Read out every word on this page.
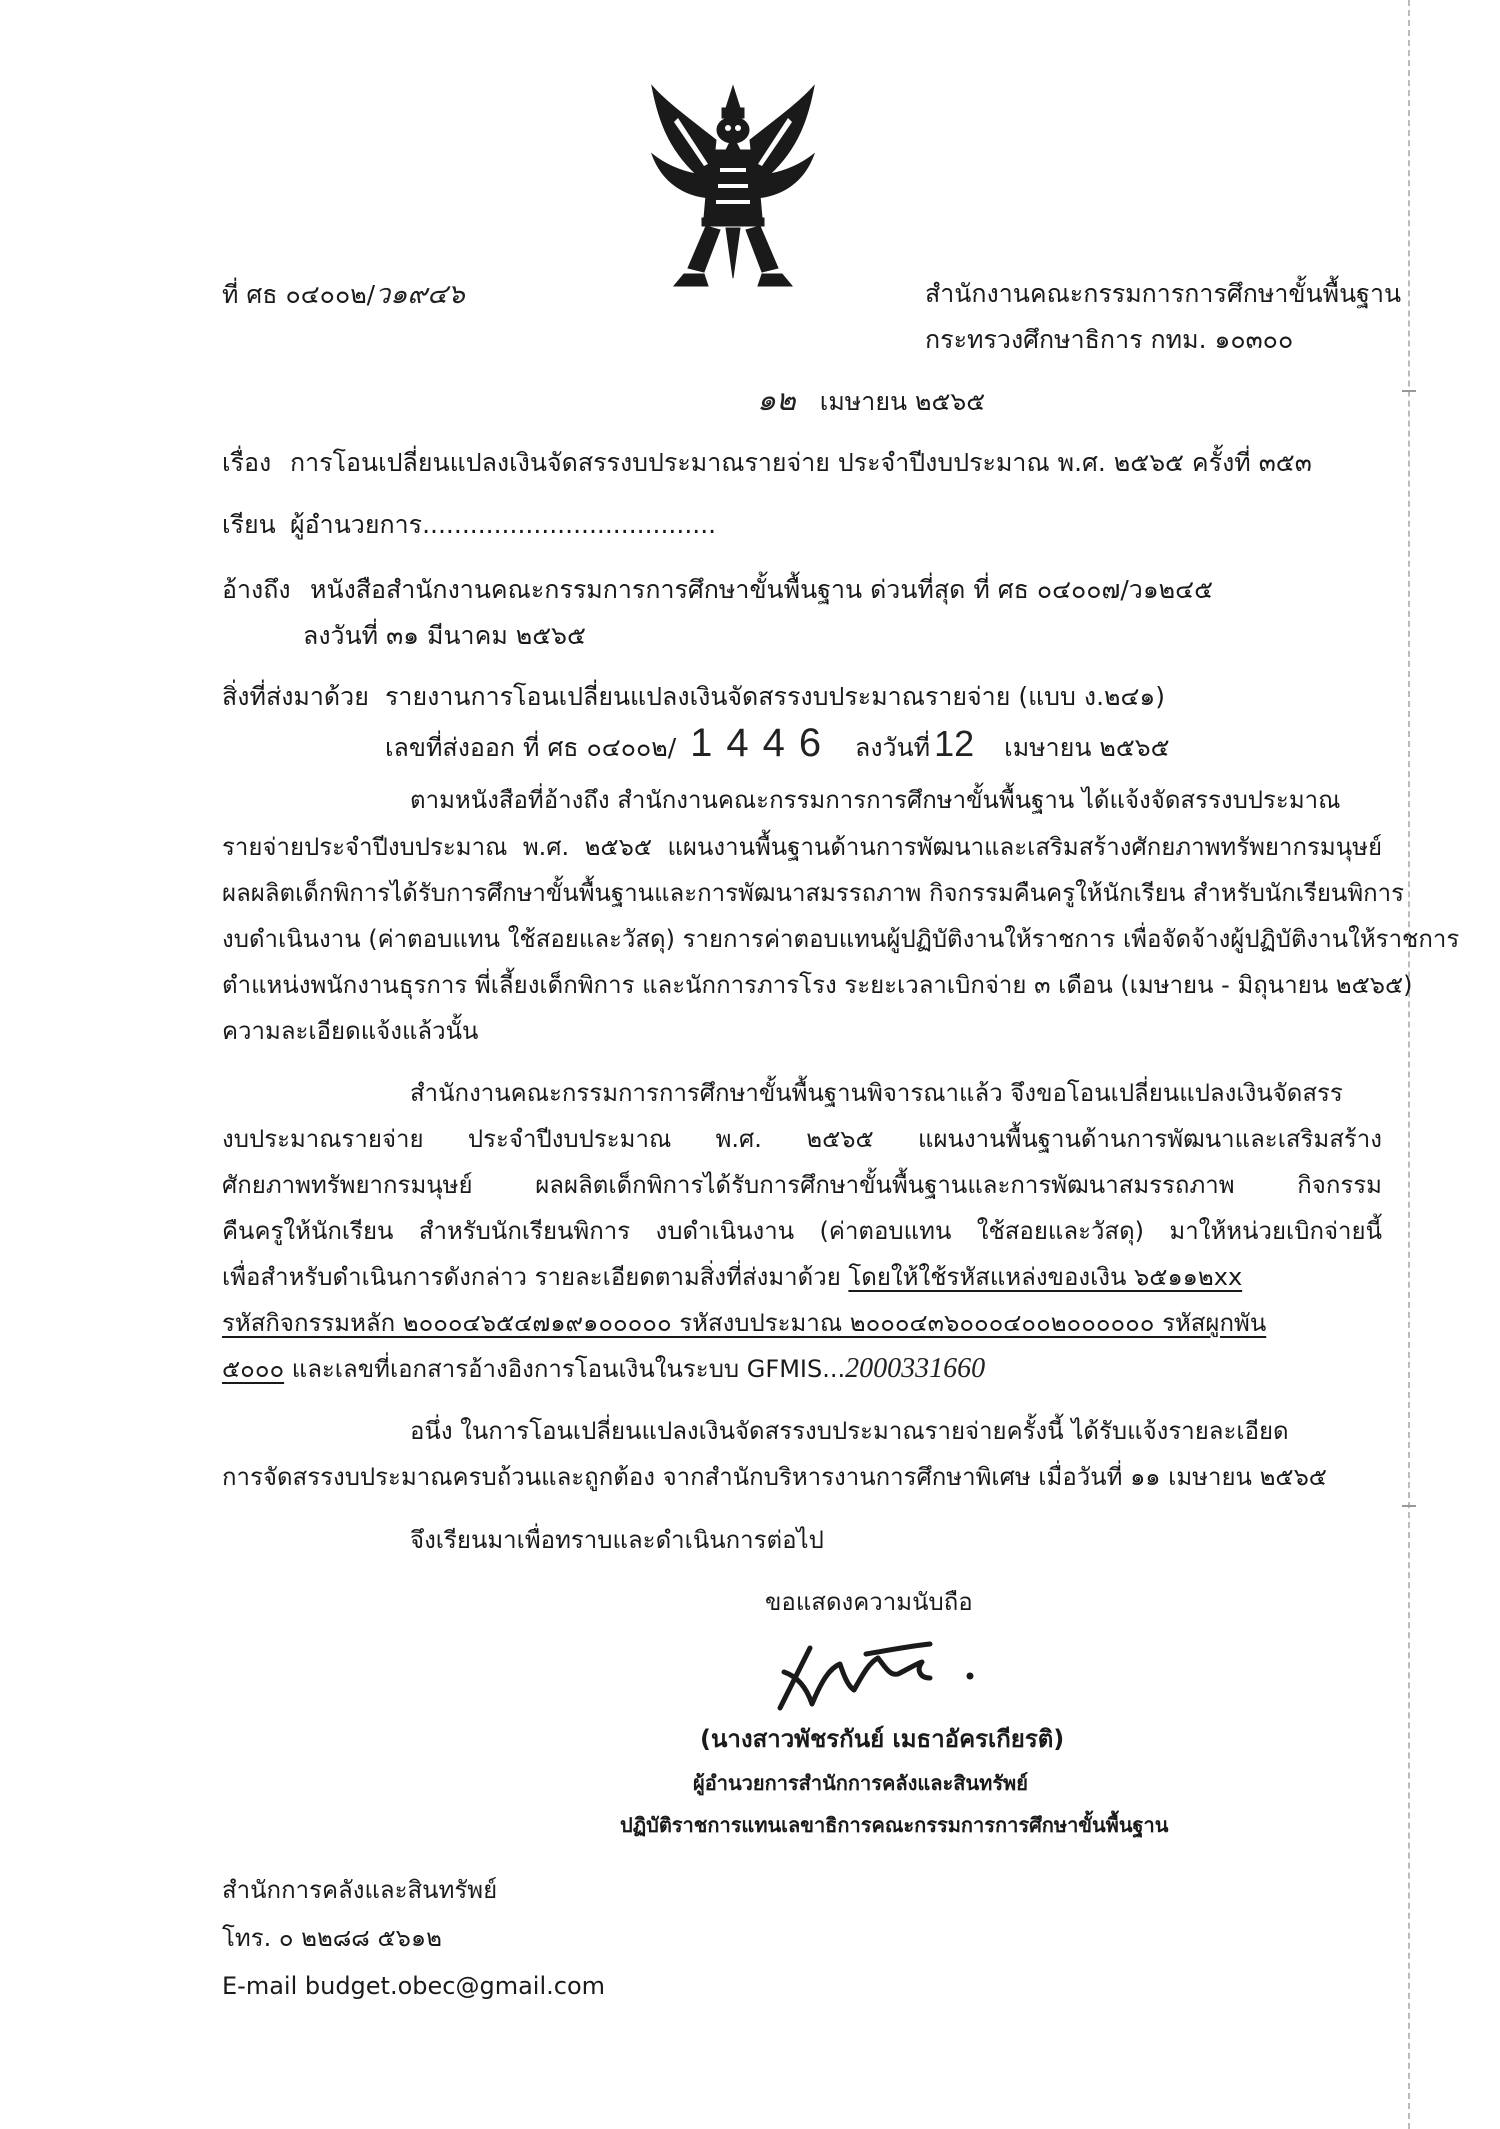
ที่ ศธ ๐๔๐๐๒/ว๑๙๔๖	สำนักงานคณะกรรมการการศึกษาขั้นพื้นฐาน
กระทรวงศึกษาธิการ กทม. ๑๐๓๐๐
๑๒ เมษายน ๒๕๖๕
เรื่อง การโอนเปลี่ยนแปลงเงินจัดสรรงบประมาณรายจ่าย ประจำปีงบประมาณ พ.ศ. ๒๕๖๕ ครั้งที่ ๓๕๓
เรียน ผู้อำนวยการ.....................................
อ้างถึง หนังสือสำนักงานคณะกรรมการการศึกษาขั้นพื้นฐาน ด่วนที่สุด ที่ ศธ ๐๔๐๐๗/ว๑๒๔๕
ลงวันที่ ๓๑ มีนาคม ๒๕๖๕
สิ่งที่ส่งมาด้วย รายงานการโอนเปลี่ยนแปลงเงินจัดสรรงบประมาณรายจ่าย (แบบ ง.๒๔๑)
เลขที่ส่งออก ที่ ศธ ๐๔๐๐๒/ 1446 ลงวันที่ 12 เมษายน ๒๕๖๕
ตามหนังสือที่อ้างถึง สำนักงานคณะกรรมการการศึกษาขั้นพื้นฐาน ได้แจ้งจัดสรรงบประมาณ
รายจ่ายประจำปีงบประมาณ พ.ศ. ๒๕๖๕ แผนงานพื้นฐานด้านการพัฒนาและเสริมสร้างศักยภาพทรัพยากรมนุษย์
ผลผลิตเด็กพิการได้รับการศึกษาขั้นพื้นฐานและการพัฒนาสมรรถภาพ กิจกรรมคืนครูให้นักเรียน สำหรับนักเรียนพิการ
งบดำเนินงาน (ค่าตอบแทน ใช้สอยและวัสดุ) รายการค่าตอบแทนผู้ปฏิบัติงานให้ราชการ เพื่อจัดจ้างผู้ปฏิบัติงานให้ราชการ
ตำแหน่งพนักงานธุรการ พี่เลี้ยงเด็กพิการ และนักการภารโรง ระยะเวลาเบิกจ่าย ๓ เดือน (เมษายน - มิถุนายน ๒๕๖๕)
ความละเอียดแจ้งแล้วนั้น
สำนักงานคณะกรรมการการศึกษาขั้นพื้นฐานพิจารณาแล้ว จึงขอโอนเปลี่ยนแปลงเงินจัดสรร
งบประมาณรายจ่าย ประจำปีงบประมาณ พ.ศ. ๒๕๖๕ แผนงานพื้นฐานด้านการพัฒนาและเสริมสร้าง
ศักยภาพทรัพยากรมนุษย์ ผลผลิตเด็กพิการได้รับการศึกษาขั้นพื้นฐานและการพัฒนาสมรรถภาพ กิจกรรม
คืนครูให้นักเรียน สำหรับนักเรียนพิการ งบดำเนินงาน (ค่าตอบแทน ใช้สอยและวัสดุ) มาให้หน่วยเบิกจ่ายนี้
เพื่อสำหรับดำเนินการดังกล่าว รายละเอียดตามสิ่งที่ส่งมาด้วย โดยให้ใช้รหัสแหล่งของเงิน ๖๕๑๑๒xx
รหัสกิจกรรมหลัก ๒๐๐๐๔๖๕๔๗๑๙๑๐๐๐๐๐ รหัสงบประมาณ ๒๐๐๐๔๓๖๐๐๐๔๐๐๒๐๐๐๐๐๐ รหัสผูกพัน
๕๐๐๐ และเลขที่เอกสารอ้างอิงการโอนเงินในระบบ GFMIS...2000331660
อนึ่ง ในการโอนเปลี่ยนแปลงเงินจัดสรรงบประมาณรายจ่ายครั้งนี้ ได้รับแจ้งรายละเอียด
การจัดสรรงบประมาณครบถ้วนและถูกต้อง จากสำนักบริหารงานการศึกษาพิเศษ เมื่อวันที่ ๑๑ เมษายน ๒๕๖๕
จึงเรียนมาเพื่อทราบและดำเนินการต่อไป
ขอแสดงความนับถือ
(นางสาวพัชรกันย์ เมธาอัครเกียรติ)
ผู้อำนวยการสำนักการคลังและสินทรัพย์
ปฏิบัติราชการแทนเลขาธิการคณะกรรมการการศึกษาขั้นพื้นฐาน
สำนักการคลังและสินทรัพย์
โทร. ๐ ๒๒๘๘ ๕๖๑๒
E-mail budget.obec@gmail.com
